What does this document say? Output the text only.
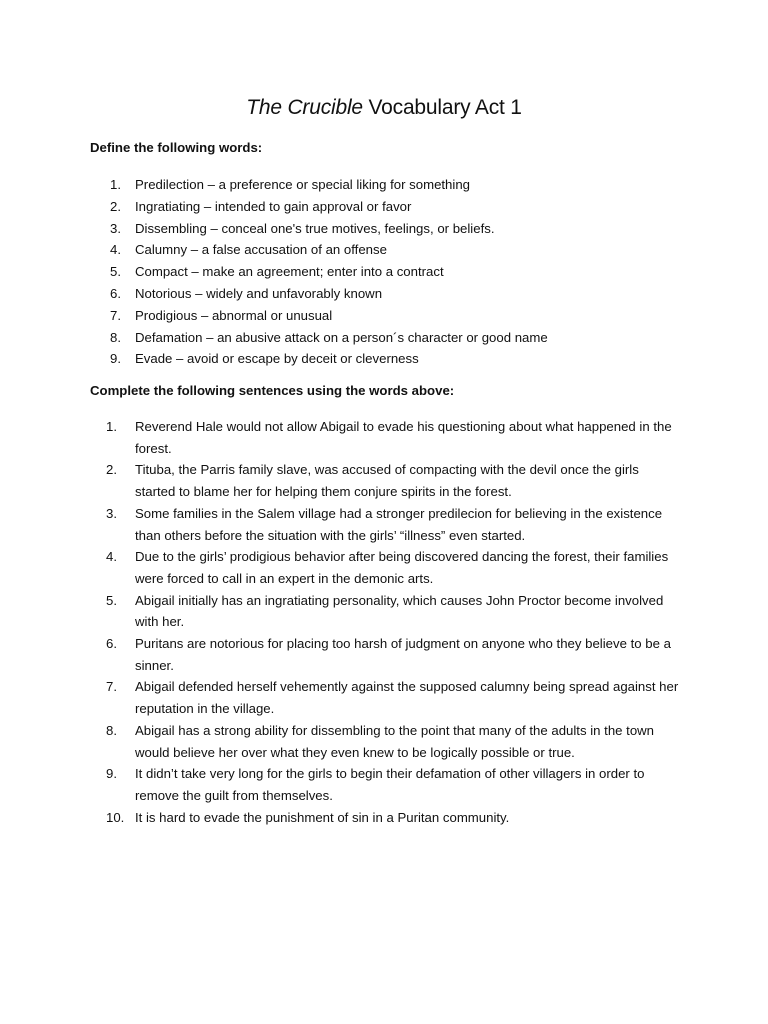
The Crucible Vocabulary Act 1
Define the following words:
1. Predilection – a preference or special liking for something
2. Ingratiating – intended to gain approval or favor
3. Dissembling – conceal one's true motives, feelings, or beliefs.
4. Calumny – a false accusation of an offense
5. Compact – make an agreement; enter into a contract
6. Notorious – widely and unfavorably known
7. Prodigious – abnormal or unusual
8. Defamation – an abusive attack on a person´s character or good name
9. Evade – avoid or escape by deceit or cleverness
Complete the following sentences using the words above:
1. Reverend Hale would not allow Abigail to evade his questioning about what happened in the forest.
2. Tituba, the Parris family slave, was accused of compacting with the devil once the girls started to blame her for helping them conjure spirits in the forest.
3. Some families in the Salem village had a stronger predilecion for believing in the existence than others before the situation with the girls’ “illness” even started.
4. Due to the girls’ prodigious behavior after being discovered dancing the forest, their families were forced to call in an expert in the demonic arts.
5. Abigail initially has an ingratiating personality, which causes John Proctor become involved with her.
6. Puritans are notorious for placing too harsh of judgment on anyone who they believe to be a sinner.
7. Abigail defended herself vehemently against the supposed calumny being spread against her reputation in the village.
8. Abigail has a strong ability for dissembling to the point that many of the adults in the town would believe her over what they even knew to be logically possible or true.
9. It didn’t take very long for the girls to begin their defamation of other villagers in order to remove the guilt from themselves.
10. It is hard to evade the punishment of sin in a Puritan community.
